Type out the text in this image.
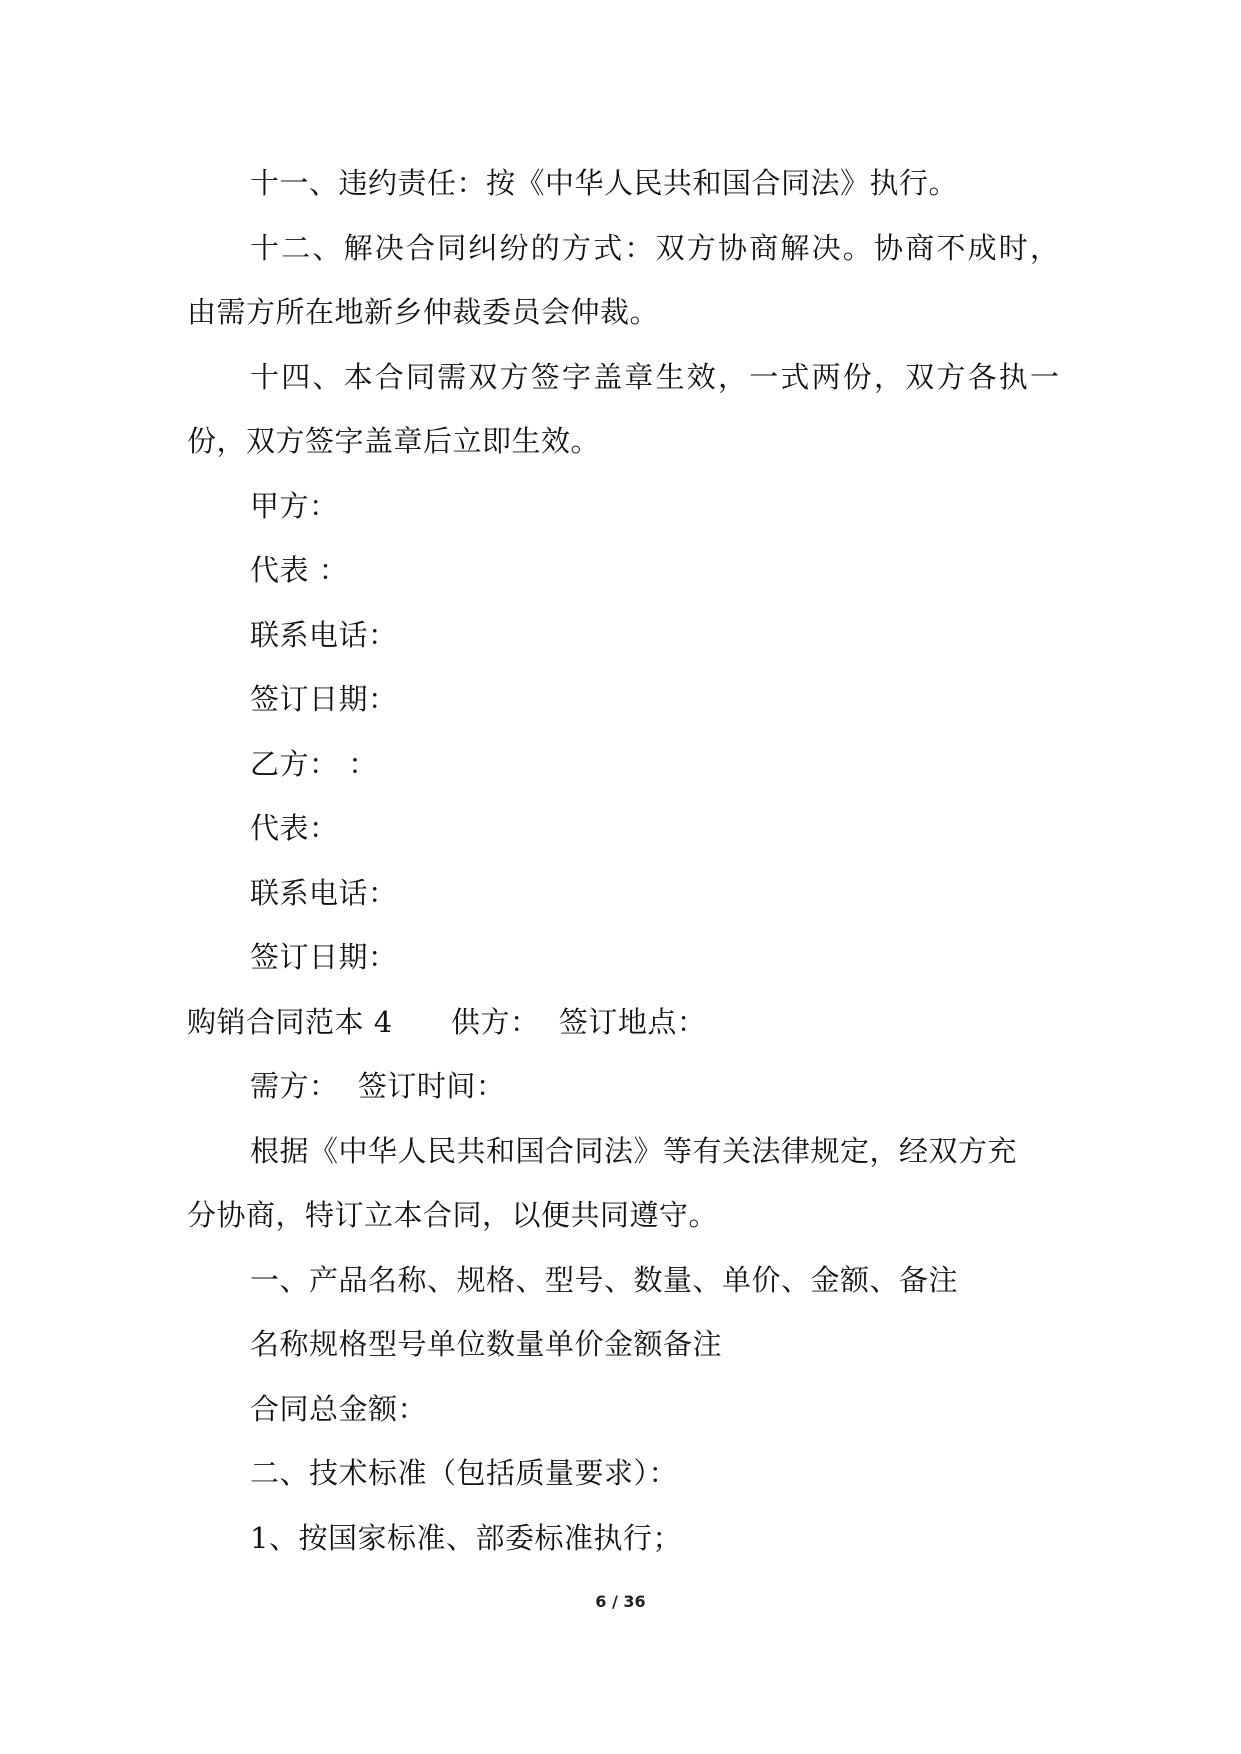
十一、违约责任：按《中华人民共和国合同法》执行。
十二、解决合同纠纷的方式：双方协商解决。协商不成时，
由需方所在地新乡仲裁委员会仲裁。
十四、本合同需双方签字盖章生效，一式两份，双方各执一
份，双方签字盖章后立即生效。
甲方：
代表 ：
联系电话：
签订日期：
乙方： ：
代表：
联系电话：
签订日期：
购销合同范本 4      供方：  签订地点：
需方：  签订时间：
根据《中华人民共和国合同法》等有关法律规定，经双方充
分协商，特订立本合同，以便共同遵守。
一、产品名称、规格、型号、数量、单价、金额、备注
名称规格型号单位数量单价金额备注
合同总金额：
二、技术标准（包括质量要求）：
1、按国家标准、部委标准执行；
6 / 36
